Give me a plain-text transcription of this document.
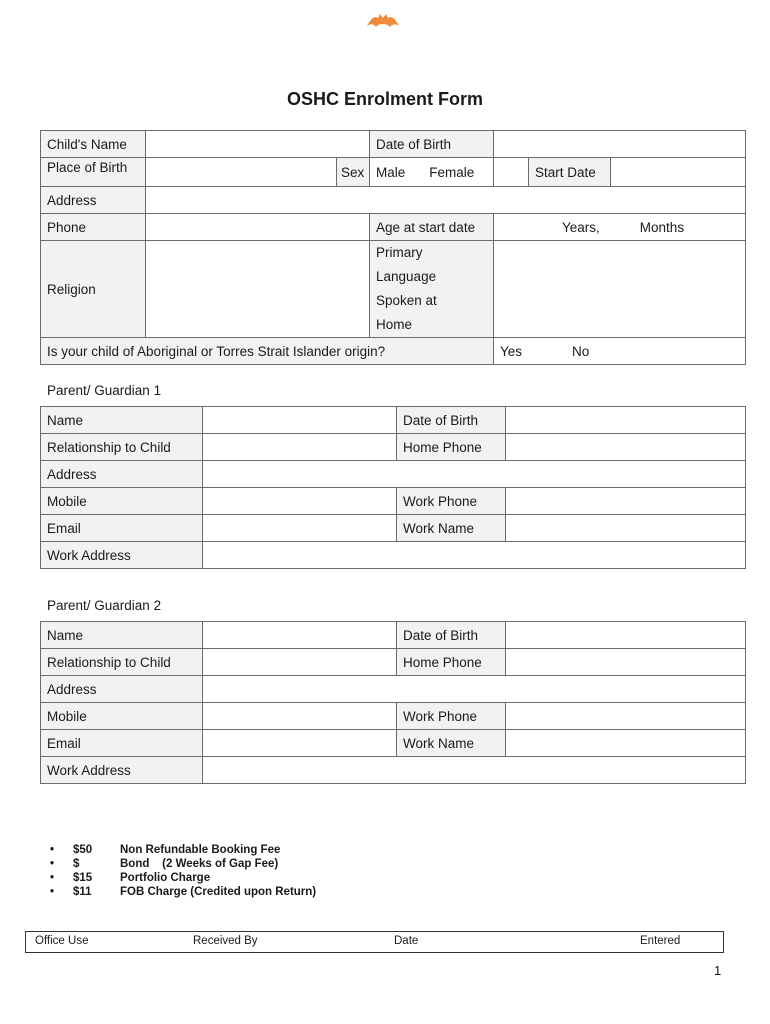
OSHC Enrolment Form
Child's Name			Date of Birth			
Place of Birth		Sex	Male Female		Start Date	
Address						
Phone			Age at start date	Years, Months		
Religion			Primary
Language
Spoken at
Home			

Is your child of Aboriginal or Torres Strait Islander origin?				Yes No		
Parent/ Guardian 1
Name		Date of Birth	
Relationship to Child		Home Phone	
Address			
Mobile		Work Phone	
Email		Work Name	
Work Address			
Parent/ Guardian 2
Name		Date of Birth	
Relationship to Child		Home Phone	
Address			
Mobile		Work Phone	
Email		Work Name	
Work Address			
•	$50	Non Refundable Booking Fee
•	$	Bond    (2 Weeks of Gap Fee)
•	$15	Portfolio Charge
•	$11	FOB Charge (Credited upon Return)
Office Use	Received By	Date	Entered
1
